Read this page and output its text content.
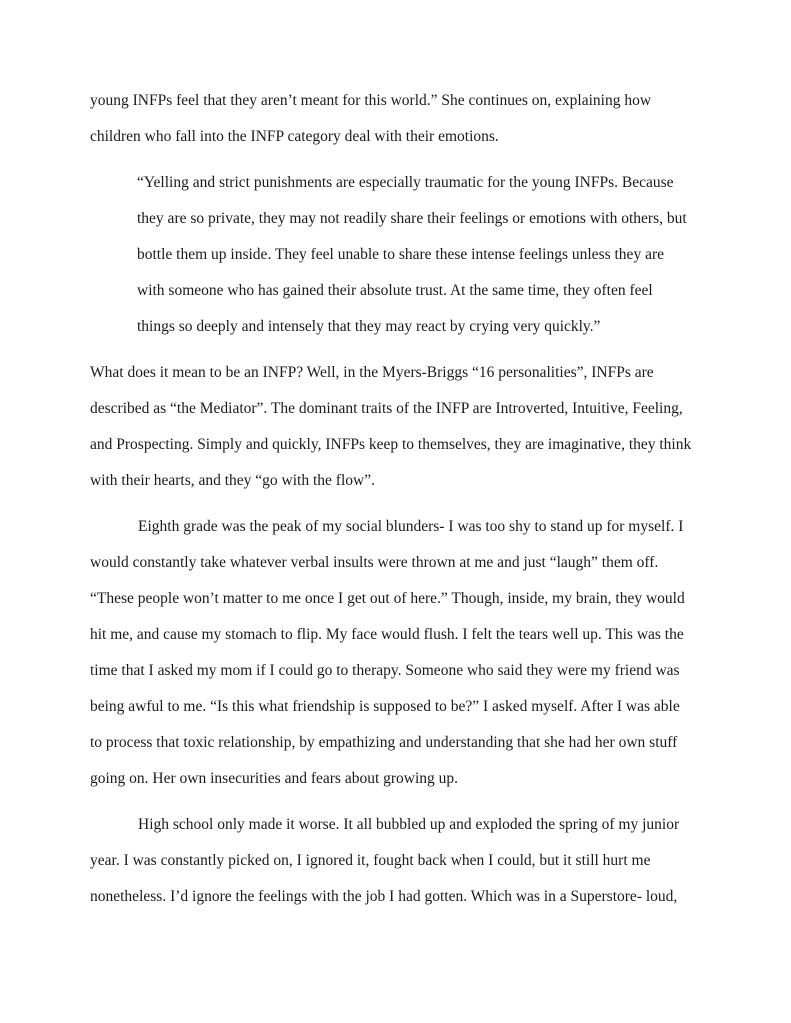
young INFPs feel that they aren’t meant for this world.” She continues on, explaining how
children who fall into the INFP category deal with their emotions.

“Yelling and strict punishments are especially traumatic for the young INFPs. Because
they are so private, they may not readily share their feelings or emotions with others, but
bottle them up inside. They feel unable to share these intense feelings unless they are
with someone who has gained their absolute trust. At the same time, they often feel
things so deeply and intensely that they may react by crying very quickly.”

What does it mean to be an INFP? Well, in the Myers-Briggs “16 personalities”, INFPs are
described as “the Mediator”. The dominant traits of the INFP are Introverted, Intuitive, Feeling,
and Prospecting. Simply and quickly, INFPs keep to themselves, they are imaginative, they think
with their hearts, and they “go with the flow”.

Eighth grade was the peak of my social blunders- I was too shy to stand up for myself. I
would constantly take whatever verbal insults were thrown at me and just “laugh” them off.
“These people won’t matter to me once I get out of here.” Though, inside, my brain, they would
hit me, and cause my stomach to flip. My face would flush. I felt the tears well up. This was the
time that I asked my mom if I could go to therapy. Someone who said they were my friend was
being awful to me. “Is this what friendship is supposed to be?” I asked myself. After I was able
to process that toxic relationship, by empathizing and understanding that she had her own stuff
going on. Her own insecurities and fears about growing up.

High school only made it worse. It all bubbled up and exploded the spring of my junior
year. I was constantly picked on, I ignored it, fought back when I could, but it still hurt me
nonetheless. I’d ignore the feelings with the job I had gotten. Which was in a Superstore- loud,
